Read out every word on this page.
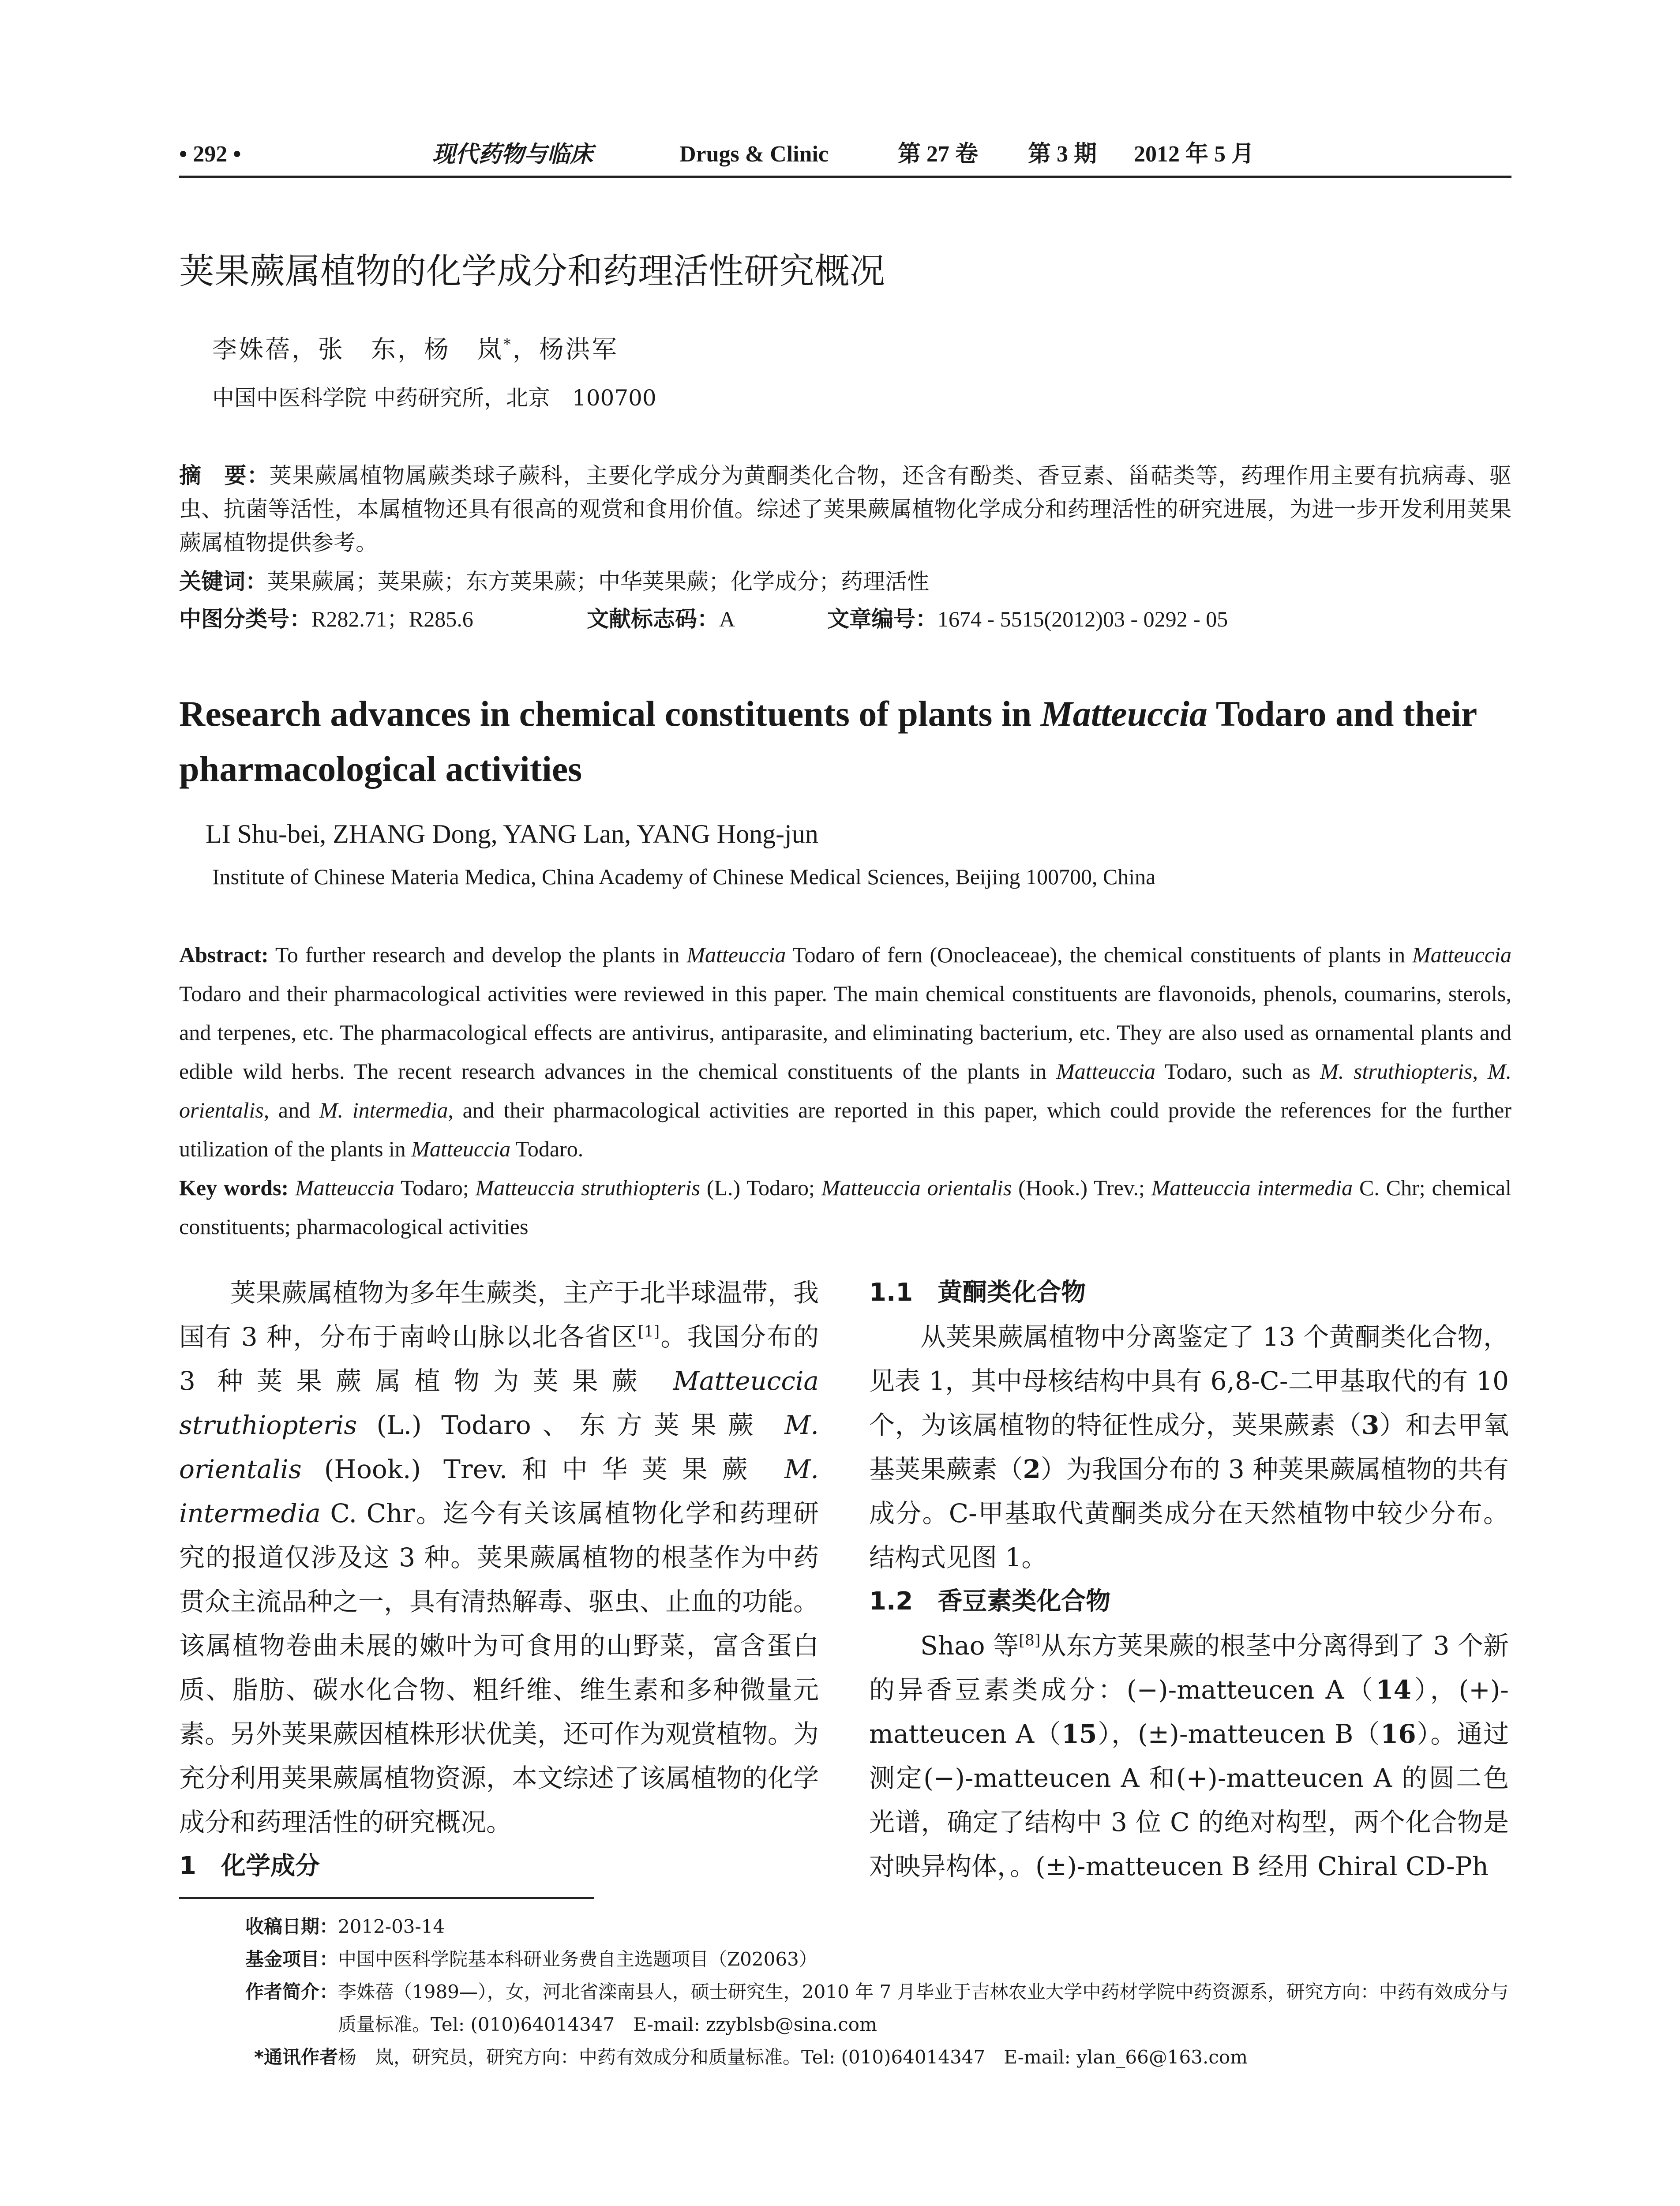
• 292 •	现代药物与临床	Drugs & Clinic	第 27 卷 第 3 期 2012 年 5 月
荚果蕨属植物的化学成分和药理活性研究概况
李姝蓓，张　东，杨　岚*，杨洪军
中国中医科学院 中药研究所，北京　100700
摘　要：荚果蕨属植物属蕨类球子蕨科，主要化学成分为黄酮类化合物，还含有酚类、香豆素、甾萜类等，药理作用主要有抗病毒、驱虫、抗菌等活性，本属植物还具有很高的观赏和食用价值。综述了荚果蕨属植物化学成分和药理活性的研究进展，为进一步开发利用荚果蕨属植物提供参考。
关键词：荚果蕨属；荚果蕨；东方荚果蕨；中华荚果蕨；化学成分；药理活性
中图分类号：R282.71；R285.6	文献标志码：A	文章编号：1674 - 5515(2012)03 - 0292 - 05
Research advances in chemical constituents of plants in Matteuccia Todaro and their pharmacological activities
LI Shu-bei, ZHANG Dong, YANG Lan, YANG Hong-jun
Institute of Chinese Materia Medica, China Academy of Chinese Medical Sciences, Beijing 100700, China
Abstract: To further research and develop the plants in Matteuccia Todaro of fern (Onocleaceae), the chemical constituents of plants in Matteuccia Todaro and their pharmacological activities were reviewed in this paper. The main chemical constituents are flavonoids, phenols, coumarins, sterols, and terpenes, etc. The pharmacological effects are antivirus, antiparasite, and eliminating bacterium, etc. They are also used as ornamental plants and edible wild herbs. The recent research advances in the chemical constituents of the plants in Matteuccia Todaro, such as M. struthiopteris, M. orientalis, and M. intermedia, and their pharmacological activities are reported in this paper, which could provide the references for the further utilization of the plants in Matteuccia Todaro.
Key words: Matteuccia Todaro; Matteuccia struthiopteris (L.) Todaro; Matteuccia orientalis (Hook.) Trev.; Matteuccia intermedia C. Chr; chemical constituents; pharmacological activities

荚果蕨属植物为多年生蕨类，主产于北半球温带，我国有 3 种，分布于南岭山脉以北各省区[1]。我国分布的 3 种荚果蕨属植物为荚果蕨 Matteuccia struthiopteris (L.) Todaro、东方荚果蕨 M. orientalis (Hook.) Trev.和中华荚果蕨 M. intermedia C. Chr。迄今有关该属植物化学和药理研究的报道仅涉及这 3 种。荚果蕨属植物的根茎作为中药贯众主流品种之一，具有清热解毒、驱虫、止血的功能。该属植物卷曲未展的嫩叶为可食用的山野菜，富含蛋白质、脂肪、碳水化合物、粗纤维、维生素和多种微量元素。另外荚果蕨因植株形状优美，还可作为观赏植物。为充分利用荚果蕨属植物资源，本文综述了该属植物的化学成分和药理活性的研究概况。

1　化学成分
1.1　黄酮类化合物

从荚果蕨属植物中分离鉴定了 13 个黄酮类化合物，见表 1，其中母核结构中具有 6,8-C-二甲基取代的有 10 个，为该属植物的特征性成分，荚果蕨素（3）和去甲氧基荚果蕨素（2）为我国分布的 3 种荚果蕨属植物的共有成分。C-甲基取代黄酮类成分在天然植物中较少分布。结构式见图 1。

1.2　香豆素类化合物

Shao 等[8]从东方荚果蕨的根茎中分离得到了 3 个新的异香豆素类成分：(−)-matteucen A（14），(+)-matteucen A（15），(±)-matteucen B（16）。通过测定(−)-matteucen A 和(+)-matteucen A 的圆二色光谱，确定了结构中 3 位 C 的绝对构型，两个化合物是对映异构体，。(±)-matteucen B 经用 Chiral CD-Ph

收稿日期： 2012-03-14
基金项目： 中国中医科学院基本科研业务费自主选题项目（Z02063）
作者简介： 李姝蓓（1989—），女，河北省滦南县人，硕士研究生，2010 年 7 月毕业于吉林农业大学中药材学院中药资源系，研究方向：中药有效成分与质量标准。Tel: (010)64014347　E-mail: zzyblsb@sina.com
*通讯作者 杨　岚，研究员，研究方向：中药有效成分和质量标准。Tel: (010)64014347　E-mail: ylan_66@163.com
